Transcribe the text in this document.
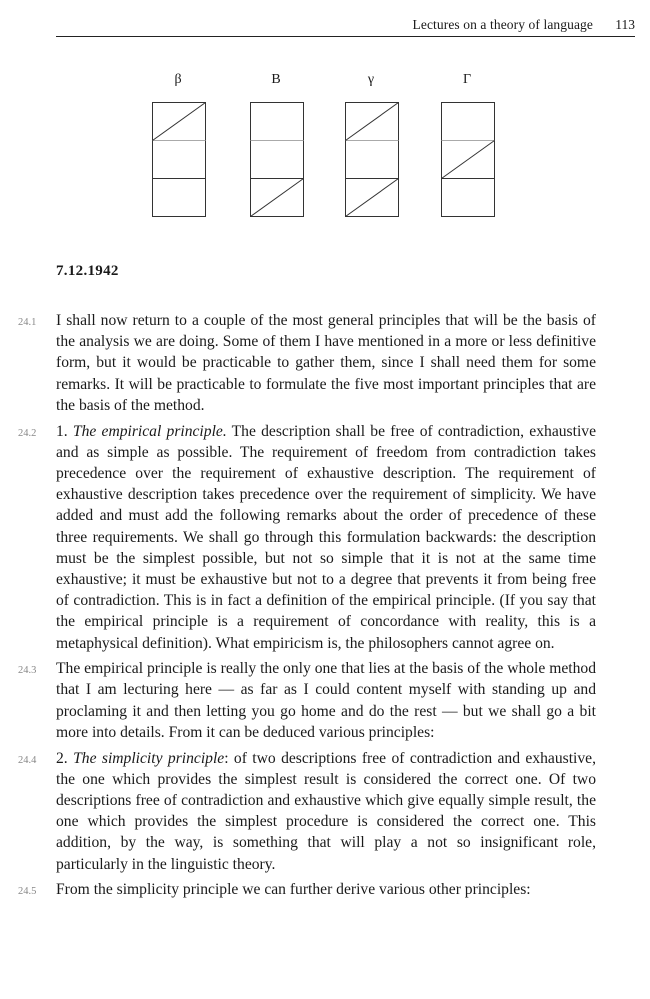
Lectures on a theory of language 113
β	Β	γ	Γ
7.12.1942

24.1 I shall now return to a couple of the most general principles that will be the basis of the analysis we are doing. Some of them I have mentioned in a more or less definitive form, but it would be practicable to gather them, since I shall need them for some remarks. It will be practicable to formulate the five most important principles that are the basis of the method.

24.2 1. The empirical principle. The description shall be free of contradiction, exhaustive and as simple as possible. The requirement of freedom from contradiction takes precedence over the requirement of exhaustive description. The requirement of exhaustive description takes precedence over the requirement of simplicity. We have added and must add the following remarks about the order of precedence of these three requirements. We shall go through this formulation backwards: the description must be the simplest possible, but not so simple that it is not at the same time exhaustive; it must be exhaustive but not to a degree that prevents it from being free of contradiction. This is in fact a definition of the empirical principle. (If you say that the empirical principle is a requirement of concordance with reality, this is a metaphysical definition). What empiricism is, the philosophers cannot agree on.

24.3 The empirical principle is really the only one that lies at the basis of the whole method that I am lecturing here — as far as I could content myself with standing up and proclaming it and then letting you go home and do the rest — but we shall go a bit more into details. From it can be deduced various principles:

24.4 2. The simplicity principle: of two descriptions free of contradiction and exhaustive, the one which provides the simplest result is considered the correct one. Of two descriptions free of contradiction and exhaustive which give equally simple result, the one which provides the simplest procedure is considered the correct one. This addition, by the way, is something that will play a not so insignificant role, particularly in the linguistic theory.

24.5 From the simplicity principle we can further derive various other principles:
